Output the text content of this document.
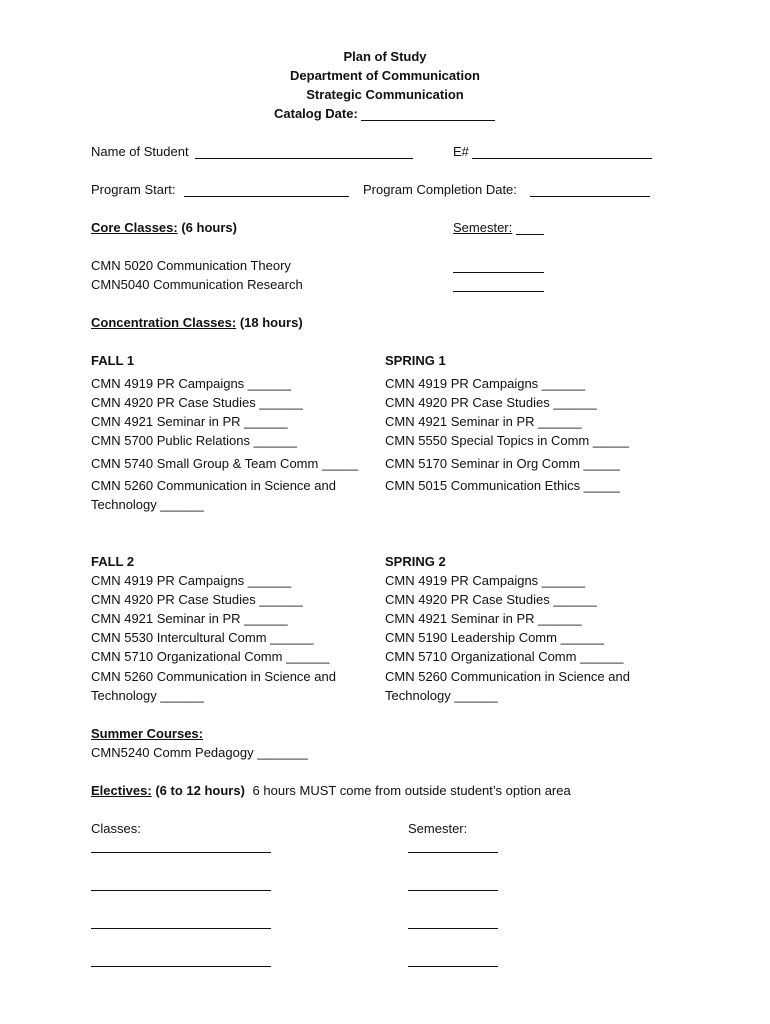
Plan of Study
Department of Communication
Strategic Communication
Catalog Date:
Name of Student	E#
Program Start:	Program Completion Date:
Core Classes: (6 hours)	Semester:
CMN 5020 Communication Theory
CMN5040 Communication Research
Concentration Classes: (18 hours)
FALL 1
CMN 4919 PR Campaigns ______
CMN 4920 PR Case Studies ______
CMN 4921 Seminar in PR ______
CMN 5700 Public Relations ______
CMN 5740 Small Group & Team Comm _____
CMN 5260 Communication in Science and
Technology ______
SPRING 1
CMN 4919 PR Campaigns ______
CMN 4920 PR Case Studies ______
CMN 4921 Seminar in PR ______
CMN 5550 Special Topics in Comm _____
CMN 5170 Seminar in Org Comm _____
CMN 5015 Communication Ethics _____
FALL 2
CMN 4919 PR Campaigns ______
CMN 4920 PR Case Studies ______
CMN 4921 Seminar in PR ______
CMN 5530 Intercultural Comm ______
CMN 5710 Organizational Comm ______
CMN 5260 Communication in Science and
Technology ______
SPRING 2
CMN 4919 PR Campaigns ______
CMN 4920 PR Case Studies ______
CMN 4921 Seminar in PR ______
CMN 5190 Leadership Comm ______
CMN 5710 Organizational Comm ______
CMN 5260 Communication in Science and
Technology ______
Summer Courses:
CMN5240 Comm Pedagogy _______
Electives: (6 to 12 hours) 6 hours MUST come from outside student’s option area
Classes:	Semester:
